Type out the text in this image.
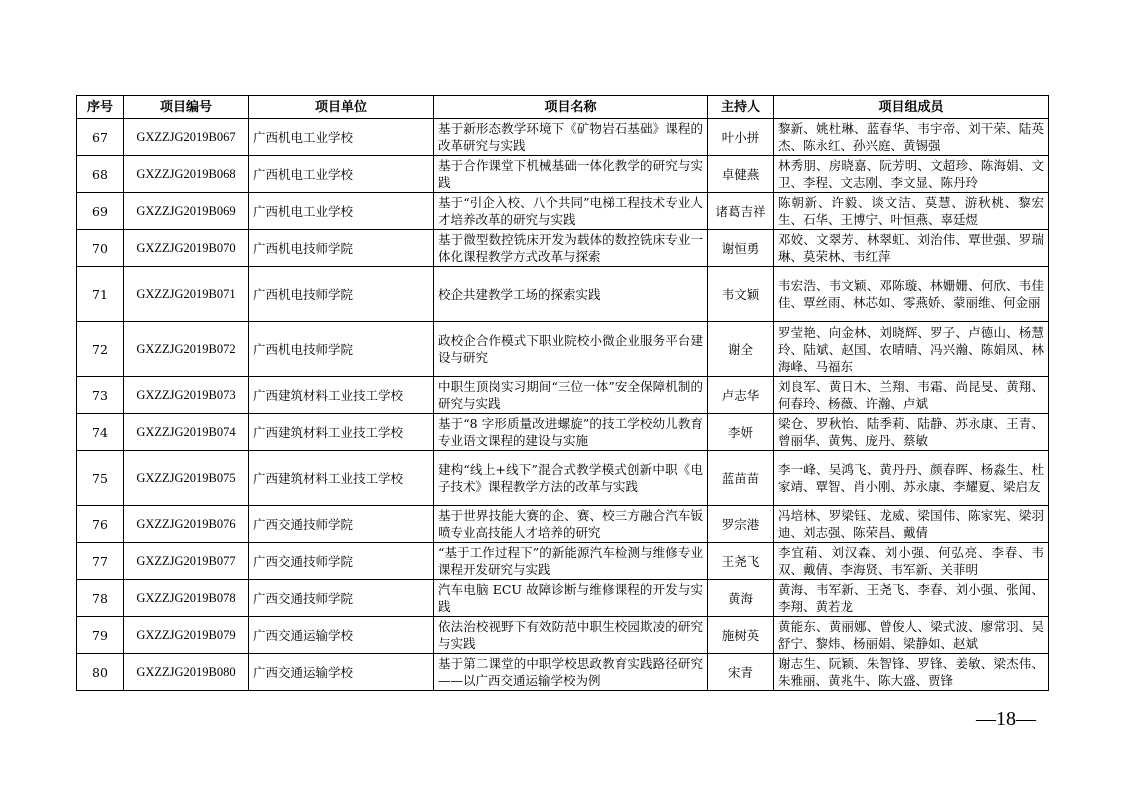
序号	项目编号	项目单位	项目名称	主持人	项目组成员
67	GXZZJG2019B067	广西机电工业学校	基于新形态教学环境下《矿物岩石基础》课程的改革研究与实践	叶小拼	黎新、姚杜琳、蓝春华、韦宇帝、刘干荣、陆英杰、陈永红、孙兴庭、黄锡强
68	GXZZJG2019B068	广西机电工业学校	基于合作课堂下机械基础一体化教学的研究与实践	卓健燕	林秀朋、房晓嘉、阮芳明、文超珍、陈海娟、文卫、李程、文志刚、李文显、陈丹玲
69	GXZZJG2019B069	广西机电工业学校	基于“引企入校、八个共同”电梯工程技术专业人才培养改革的研究与实践	诸葛吉祥	陈朝新、许毅、谈文洁、莫慧、游秋桃、黎宏生、石华、王博宁、叶恒燕、辜廷煜
70	GXZZJG2019B070	广西机电技师学院	基于微型数控铣床开发为载体的数控铣床专业一体化课程教学方式改革与探索	谢恒勇	邓姣、文翠芳、林翠虹、刘治伟、覃世强、罗瑞琳、莫荣林、韦红萍
71	GXZZJG2019B071	广西机电技师学院	校企共建教学工场的探索实践	韦文颖	韦宏浩、韦文颖、邓陈璇、林姗姗、何欣、韦佳佳、覃丝雨、林芯如、零燕娇、蒙丽维、何金丽
72	GXZZJG2019B072	广西机电技师学院	政校企合作模式下职业院校小微企业服务平台建设与研究	谢全	罗莹艳、向金林、刘晓辉、罗子、卢德山、杨慧玲、陆斌、赵国、农晴晴、冯兴瀚、陈娟凤、林海峰、马福东
73	GXZZJG2019B073	广西建筑材料工业技工学校	中职生顶岗实习期间“三位一体”安全保障机制的研究与实践	卢志华	刘良军、黄日木、兰翔、韦霜、尚昆旻、黄翔、何春玲、杨薇、许瀚、卢斌
74	GXZZJG2019B074	广西建筑材料工业技工学校	基于“8 字形质量改进螺旋”的技工学校幼儿教育专业语文课程的建设与实施	李妍	梁仓、罗秋怡、陆季莉、陆静、苏永康、王青、曾丽华、黄隽、庞丹、蔡敏
75	GXZZJG2019B075	广西建筑材料工业技工学校	建构“线上+线下”混合式教学模式创新中职《电子技术》课程教学方法的改革与实践	蓝苗苗	李一峰、吴鸿飞、黄丹丹、颜春晖、杨淼生、杜家靖、覃智、肖小刚、苏永康、李耀夏、梁启友
76	GXZZJG2019B076	广西交通技师学院	基于世界技能大赛的企、赛、校三方融合汽车钣喷专业高技能人才培养的研究	罗宗港	冯培林、罗梁钰、龙威、梁国伟、陈家宪、梁羽迪、刘志强、陈荣昌、戴倩
77	GXZZJG2019B077	广西交通技师学院	“基于工作过程下”的新能源汽车检测与维修专业课程开发研究与实践	王尧飞	李宜葙、刘汉森、刘小强、何弘亮、李春、韦双、戴倩、李海贤、韦军新、关菲明
78	GXZZJG2019B078	广西交通技师学院	汽车电脑 ECU 故障诊断与维修课程的开发与实践	黄海	黄海、韦军新、王尧飞、李春、刘小强、张闻、李翔、黄若龙
79	GXZZJG2019B079	广西交通运输学校	依法治校视野下有效防范中职生校园欺凌的研究与实践	施树英	黄能东、黄丽娜、曾俊人、梁式波、廖常羽、吴舒宁、黎炜、杨丽娟、梁静如、赵斌
80	GXZZJG2019B080	广西交通运输学校	基于第二课堂的中职学校思政教育实践路径研究——以广西交通运输学校为例	宋青	谢志生、阮颖、朱智锋、罗锋、姜敏、梁杰伟、朱雅丽、黄兆牛、陈大盛、贾锋
—18—
